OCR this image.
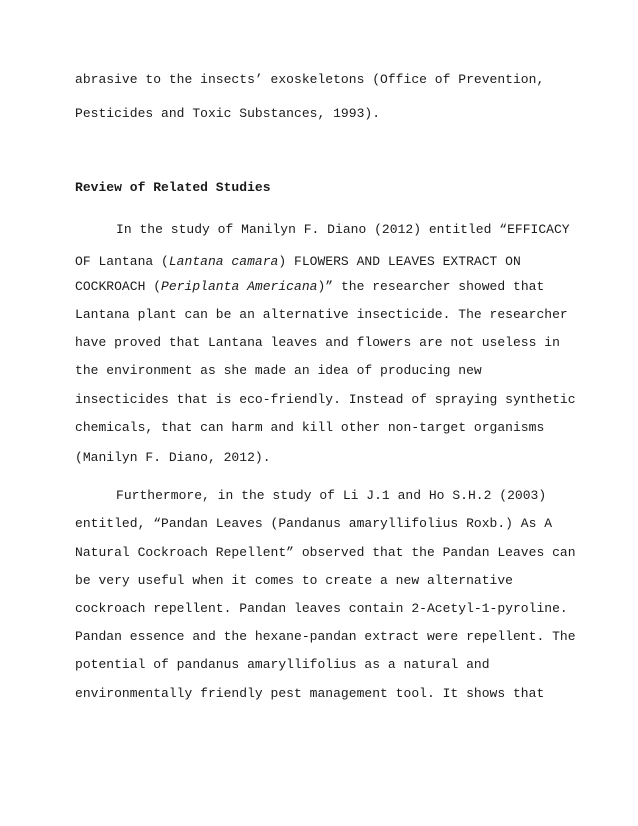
abrasive to the insects’ exoskeletons (Office of Prevention,
Pesticides and Toxic Substances, 1993).
Review of Related Studies
In the study of Manilyn F. Diano (2012) entitled “EFFICACY
OF Lantana (Lantana camara) FLOWERS AND LEAVES EXTRACT ON
COCKROACH (Periplanta Americana)” the researcher showed that
Lantana plant can be an alternative insecticide. The researcher
have proved that Lantana leaves and flowers are not useless in
the environment as she made an idea of producing new
insecticides that is eco-friendly. Instead of spraying synthetic
chemicals, that can harm and kill other non-target organisms
(Manilyn F. Diano, 2012).
Furthermore, in the study of Li J.1 and Ho S.H.2 (2003)
entitled, “Pandan Leaves (Pandanus amaryllifolius Roxb.) As A
Natural Cockroach Repellent” observed that the Pandan Leaves can
be very useful when it comes to create a new alternative
cockroach repellent. Pandan leaves contain 2-Acetyl-1-pyroline.
Pandan essence and the hexane-pandan extract were repellent. The
potential of pandanus amaryllifolius as a natural and
environmentally friendly pest management tool. It shows that
